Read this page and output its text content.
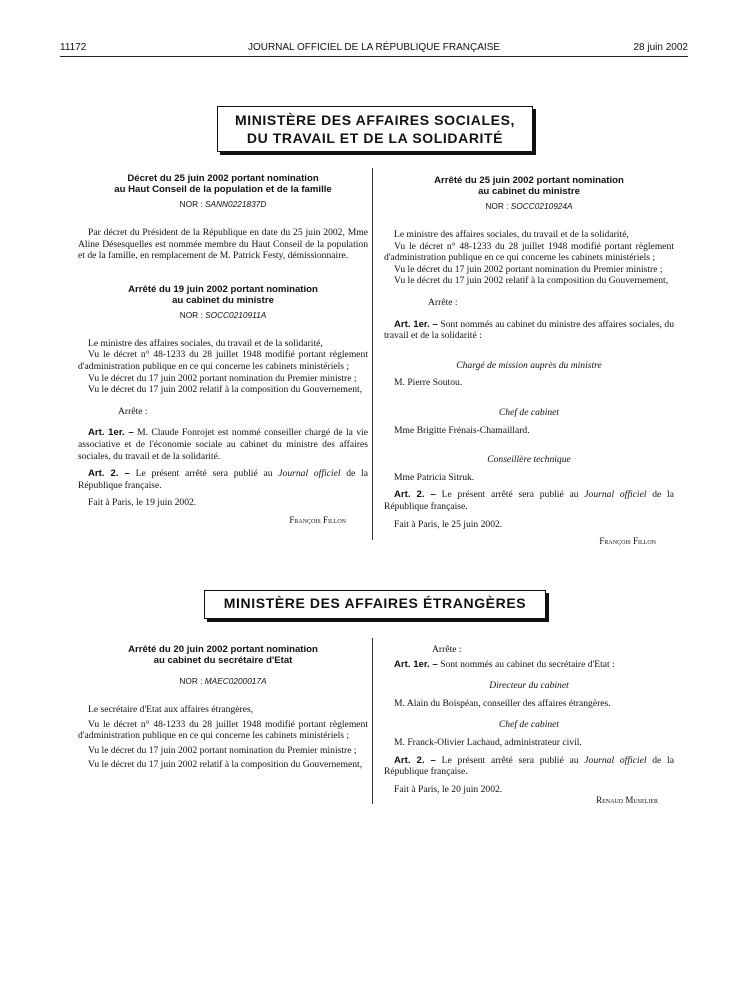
11172	JOURNAL OFFICIEL DE LA RÉPUBLIQUE FRANÇAISE	28 juin 2002
MINISTÈRE DES AFFAIRES SOCIALES,
DU TRAVAIL ET DE LA SOLIDARITÉ
Décret du 25 juin 2002 portant nomination
au Haut Conseil de la population et de la famille
NOR : SANN0221837D

Par décret du Président de la République en date du 25 juin 2002, Mme Aline Désesquelles est nommée membre du Haut Conseil de la population et de la famille, en remplacement de M. Patrick Festy, démissionnaire.

Arrêté du 19 juin 2002 portant nomination
au cabinet du ministre
NOR : SOCC0210911A

Le ministre des affaires sociales, du travail et de la solidarité,

Vu le décret n° 48-1233 du 28 juillet 1948 modifié portant règlement d'administration publique en ce qui concerne les cabinets ministériels ;

Vu le décret du 17 juin 2002 portant nomination du Premier ministre ;

Vu le décret du 17 juin 2002 relatif à la composition du Gouvernement,

Arrête :

Art. 1er. – M. Claude Fonrojet est nommé conseiller chargé de la vie associative et de l'économie sociale au cabinet du ministre des affaires sociales, du travail et de la solidarité.

Art. 2. – Le présent arrêté sera publié au Journal officiel de la République française.

Fait à Paris, le 19 juin 2002.

François Fillon

Arrêté du 25 juin 2002 portant nomination
au cabinet du ministre
NOR : SOCC0210924A

Le ministre des affaires sociales, du travail et de la solidarité,

Vu le décret n° 48-1233 du 28 juillet 1948 modifié portant règlement d'administration publique en ce qui concerne les cabinets ministériels ;

Vu le décret du 17 juin 2002 portant nomination du Premier ministre ;

Vu le décret du 17 juin 2002 relatif à la composition du Gouvernement,

Arrête :

Art. 1er. – Sont nommés au cabinet du ministre des affaires sociales, du travail et de la solidarité :

Chargé de mission auprès du ministre

M. Pierre Soutou.

Chef de cabinet

Mme Brigitte Frénais-Chamaillard.

Conseillère technique

Mme Patricia Sitruk.

Art. 2. – Le présent arrêté sera publié au Journal officiel de la République française.

Fait à Paris, le 25 juin 2002.

François Fillon

MINISTÈRE DES AFFAIRES ÉTRANGÈRES
Arrêté du 20 juin 2002 portant nomination
au cabinet du secrétaire d'Etat
NOR : MAEC0200017A

Le secrétaire d'Etat aux affaires étrangères,

Vu le décret n° 48-1233 du 28 juillet 1948 modifié portant règlement d'administration publique en ce qui concerne les cabinets ministériels ;

Vu le décret du 17 juin 2002 portant nomination du Premier ministre ;

Vu le décret du 17 juin 2002 relatif à la composition du Gouvernement,

Arrête :

Art. 1er. – Sont nommés au cabinet du secrétaire d'Etat :

Directeur du cabinet

M. Alain du Boispéan, conseiller des affaires étrangères.

Chef de cabinet

M. Franck-Olivier Lachaud, administrateur civil.

Art. 2. – Le présent arrêté sera publié au Journal officiel de la République française.

Fait à Paris, le 20 juin 2002.

Renaud Muselier
